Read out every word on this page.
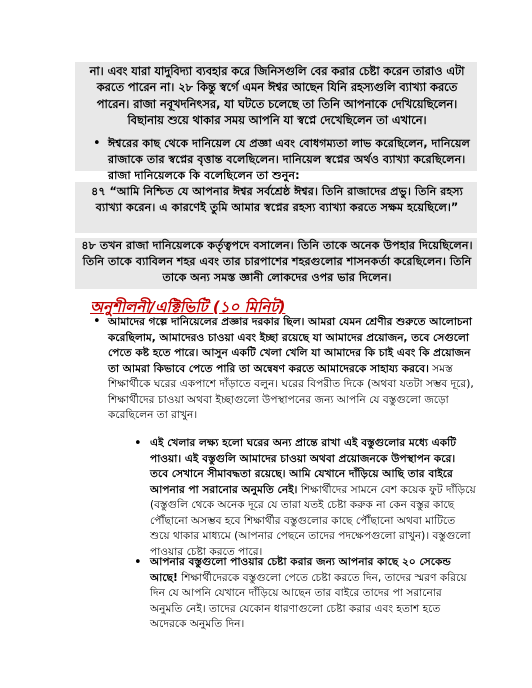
না। এবং যারা যাদুবিদ্যা ব্যবহার করে জিনিসগুলি বের করার চেষ্টা করেন তারাও এটা করতে পারেন না। ২৮ কিন্তু স্বর্গে এমন ঈশ্বর আছেন যিনি রহস্যগুলি ব্যাখ্যা করতে পারেন। রাজা নবূখদনিৎসর, যা ঘটতে চলেছে তা তিনি আপনাকে দেখিয়েছিলেন। বিছানায় শুয়ে থাকার সময় আপনি যা স্বপ্নে দেখেছিলেন তা এখানে।
• ঈশ্বরের কাছ থেকে দানিয়েল যে প্রজ্ঞা এবং বোধগম্যতা লাভ করেছিলেন, দানিয়েল রাজাকে তার স্বপ্নের বৃত্তান্ত বলেছিলেন। দানিয়েল স্বপ্নের অর্থও ব্যাখ্যা করেছিলেন। রাজা দানিয়েলকে কি বলেছিলেন তা শুনুন:
৪৭ “আমি নিশ্চিত যে আপনার ঈশ্বর সর্বশ্রেষ্ঠ ঈশ্বর। তিনি রাজাদের প্রভু। তিনি রহস্য ব্যাখ্যা করেন। এ কারণেই তুমি আমার স্বপ্নের রহস্য ব্যাখ্যা করতে সক্ষম হয়েছিলে।”
৪৮ তখন রাজা দানিয়েলকে কর্তৃত্বপদে বসালেন। তিনি তাকে অনেক উপহার দিয়েছিলেন। তিনি তাকে ব্যাবিলন শহর এবং তার চারপাশের শহরগুলোর শাসনকর্তা করেছিলেন। তিনি তাকে অন্য সমস্ত জ্ঞানী লোকদের ওপর ভার দিলেন।
অনুশীলনী/এক্টিভিটি (১০ মিনিট)
• আমাদের গল্পে দানিয়েলের প্রজ্ঞার দরকার ছিল। আমরা যেমন শ্রেণীর শুরুতে আলোচনা করেছিলাম, আমাদেরও চাওয়া এবং ইচ্ছা রয়েছে যা আমাদের প্রয়োজন, তবে সেগুলো পেতে কষ্ট হতে পারে। আসুন একটি খেলা খেলি যা আমাদের কি চাই এবং কি প্রয়োজন তা আমরা কিভাবে পেতে পারি তা অন্বেষণ করতে আমাদেরকে সাহায্য করবে। সমস্ত শিক্ষার্থীকে ঘরের একপাশে দাঁড়াতে বলুন। ঘরের বিপরীত দিকে (অথবা যতটা সম্ভব দূরে), শিক্ষার্থীদের চাওয়া অথবা ইচ্ছাগুলো উপস্থাপনের জন্য আপনি যে বস্তুগুলো জড়ো করেছিলেন তা রাখুন।
• এই খেলার লক্ষ্য হলো ঘরের অন্য প্রান্তে রাখা এই বস্তুগুলোর মধ্যে একটি পাওয়া। এই বস্তুগুলি আমাদের চাওয়া অথবা প্রয়োজনকে উপস্থাপন করে। তবে সেখানে সীমাবদ্ধতা রয়েছে। আমি যেখানে দাঁড়িয়ে আছি তার বাইরে আপনার পা সরানোর অনুমতি নেই। শিক্ষার্থীদের সামনে বেশ কয়েক ফুট দাঁড়িয়ে (বস্তুগুলি থেকে অনেক দূরে যে তারা যতই চেষ্টা করুক না কেন বস্তুর কাছে পৌঁছানো অসম্ভব হবে শিক্ষার্থীর বস্তুগুলোর কাছে পৌঁছানো অথবা মাটিতে শুয়ে থাকার মাধ্যমে (আপনার পেছনে তাদের পদক্ষেপগুলো রাখুন)। বস্তুগুলো পাওয়ার চেষ্টা করতে পারে।
• আপনার বস্তুগুলো পাওয়ার চেষ্টা করার জন্য আপনার কাছে ২০ সেকেন্ড আছে! শিক্ষার্থীদেরকে বস্তুগুলো পেতে চেষ্টা করতে দিন, তাদের স্মরণ করিয়ে দিন যে আপনি যেখানে দাঁড়িয়ে আছেন তার বাইরে তাদের পা সরানোর অনুমতি নেই। তাদের যেকোন ধারণাগুলো চেষ্টা করার এবং হতাশ হতে অদেরকে অনুমতি দিন।
